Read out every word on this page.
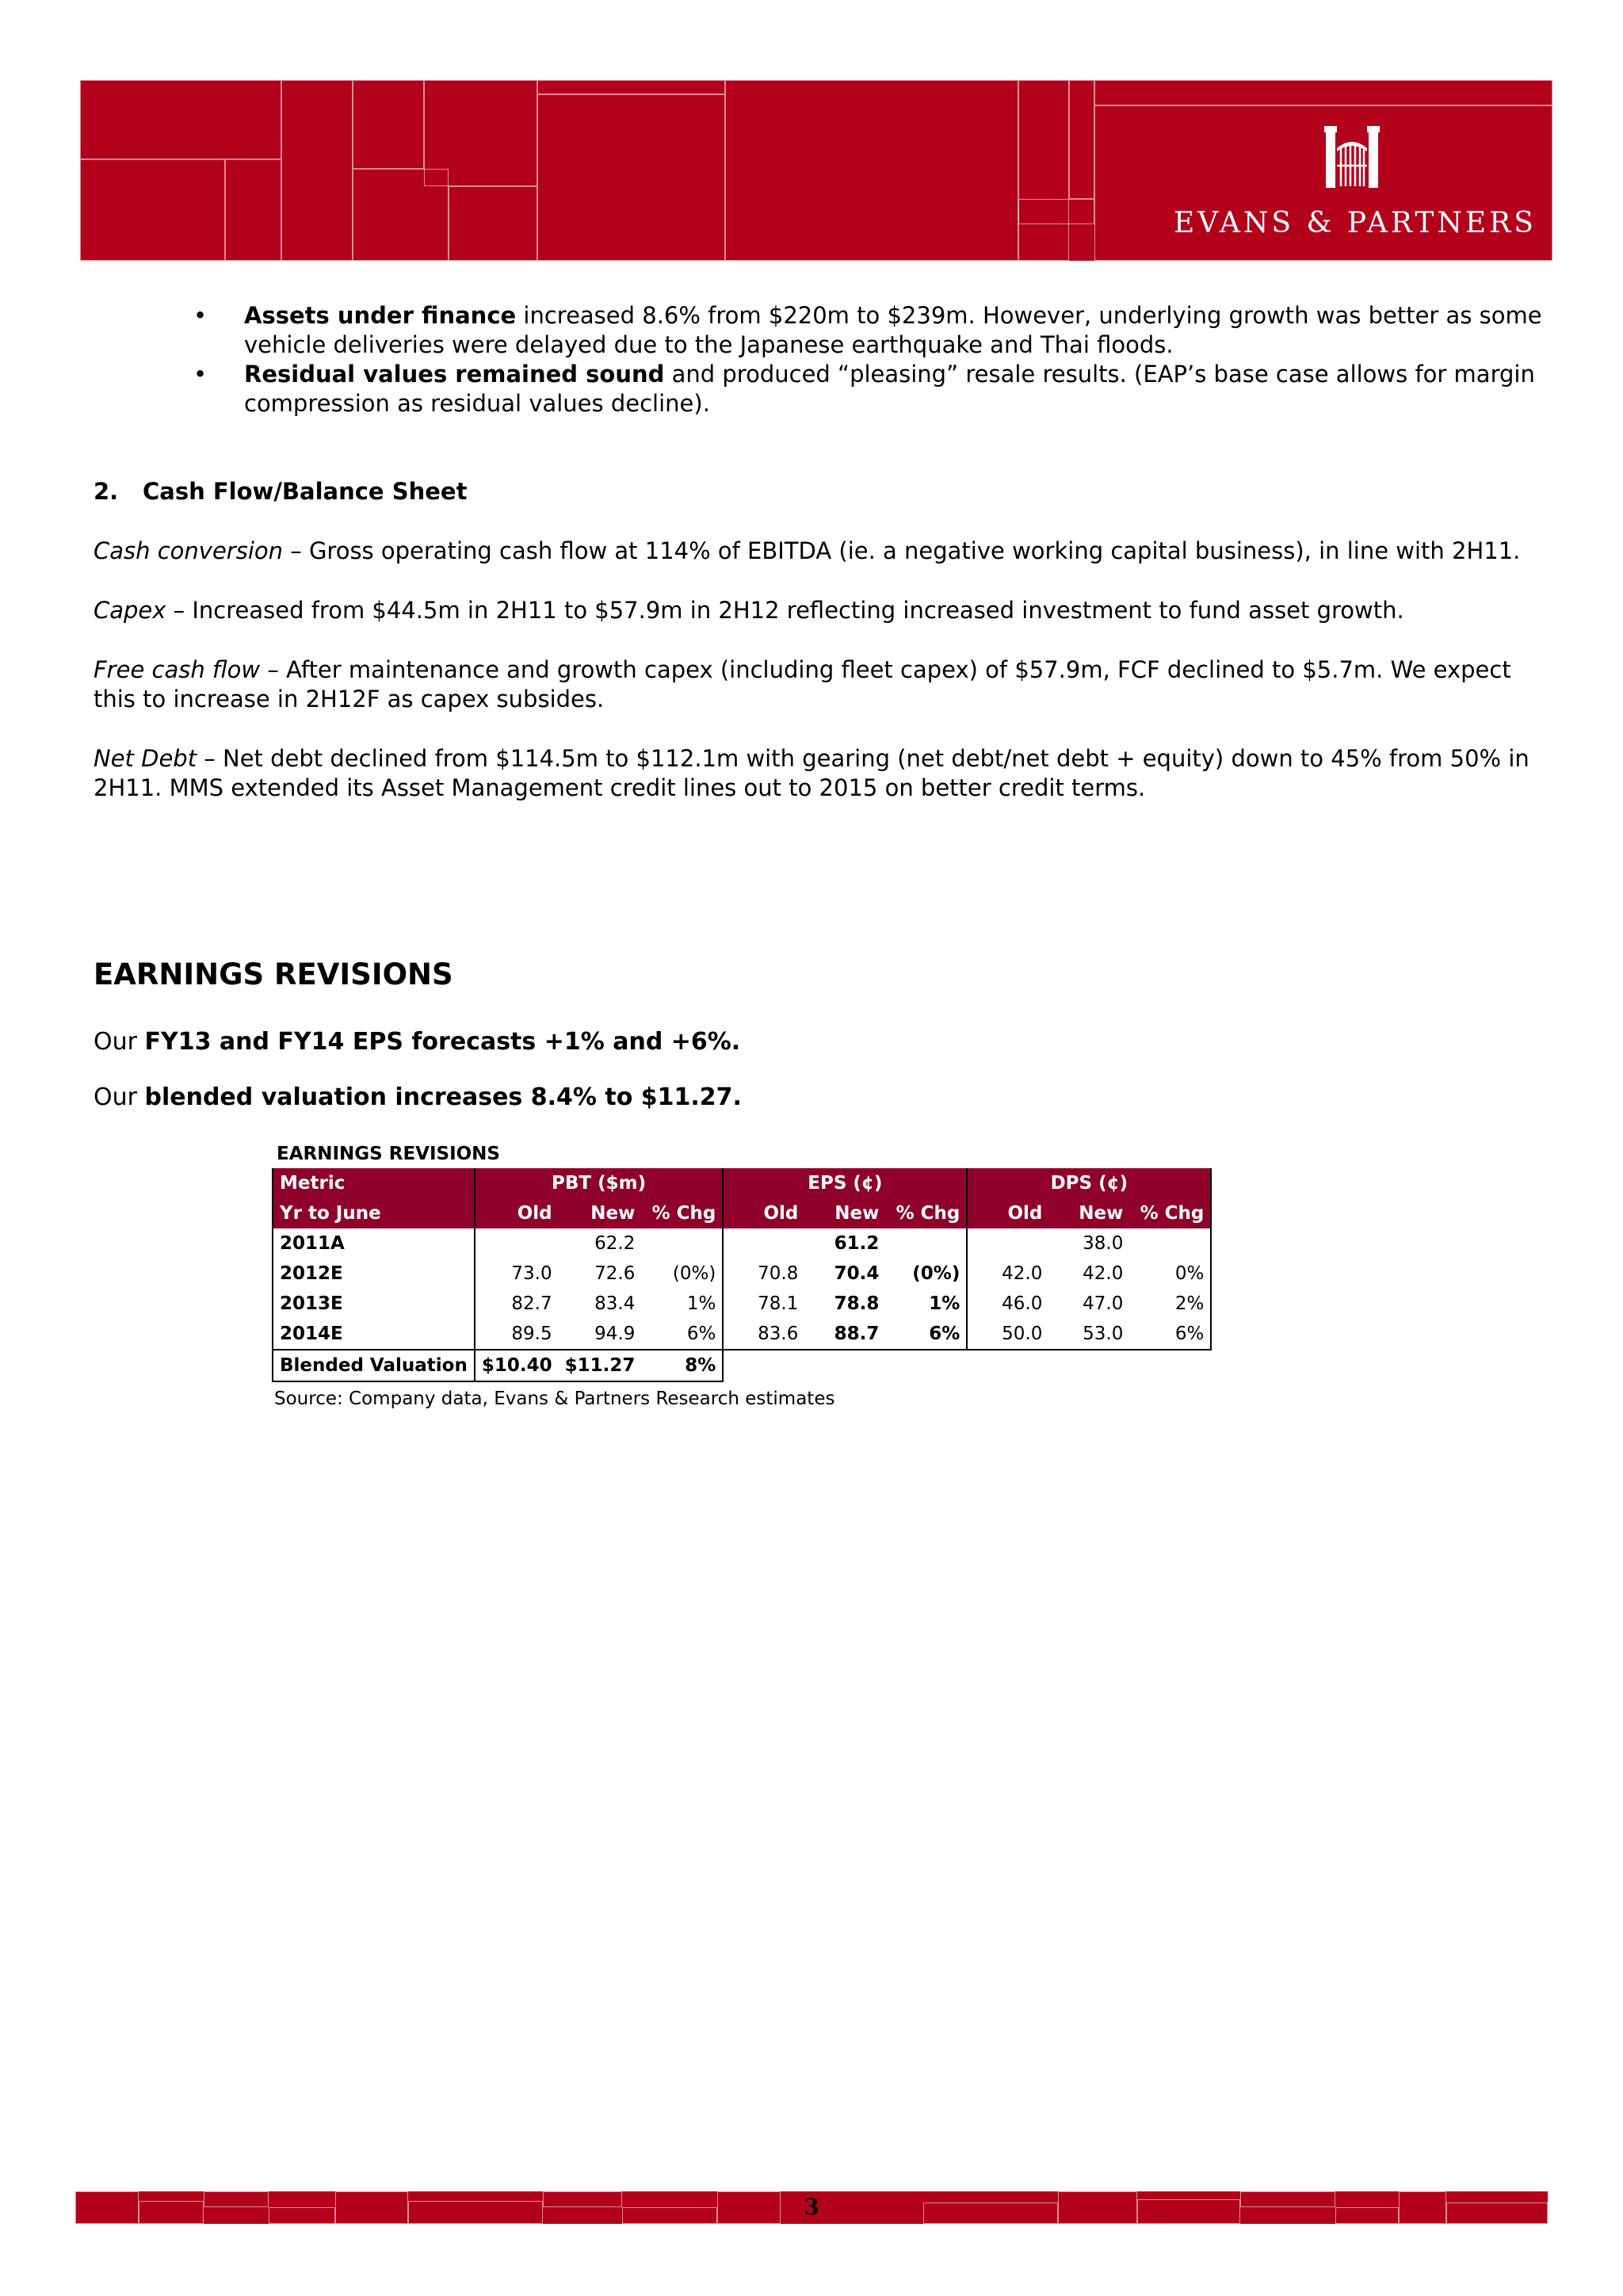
EVANS & PARTNERS
• Assets under finance increased 8.6% from $220m to $239m. However, underlying growth was better as some vehicle deliveries were delayed due to the Japanese earthquake and Thai floods.
• Residual values remained sound and produced “pleasing” resale results. (EAP’s base case allows for margin compression as residual values decline).
2. Cash Flow/Balance Sheet
Cash conversion – Gross operating cash flow at 114% of EBITDA (ie. a negative working capital business), in line with 2H11.
Capex – Increased from $44.5m in 2H11 to $57.9m in 2H12 reflecting increased investment to fund asset growth.
Free cash flow – After maintenance and growth capex (including fleet capex) of $57.9m, FCF declined to $5.7m. We expect this to increase in 2H12F as capex subsides.
Net Debt – Net debt declined from $114.5m to $112.1m with gearing (net debt/net debt + equity) down to 45% from 50% in 2H11. MMS extended its Asset Management credit lines out to 2015 on better credit terms.
EARNINGS REVISIONS
Our FY13 and FY14 EPS forecasts +1% and +6%.
Our blended valuation increases 8.4% to $11.27.
EARNINGS REVISIONS
Metric	PBT ($m)			EPS (¢)			DPS (¢)		
Yr to June	Old	New	% Chg	Old	New	% Chg	Old	New	% Chg
2011A		62.2			61.2			38.0	
2012E	73.0	72.6	(0%)	70.8	70.4	(0%)	42.0	42.0	0%
2013E	82.7	83.4	1%	78.1	78.8	1%	46.0	47.0	2%
2014E	89.5	94.9	6%	83.6	88.7	6%	50.0	53.0	6%
Blended Valuation	$10.40	$11.27	8%						
Source: Company data, Evans & Partners Research estimates
3
